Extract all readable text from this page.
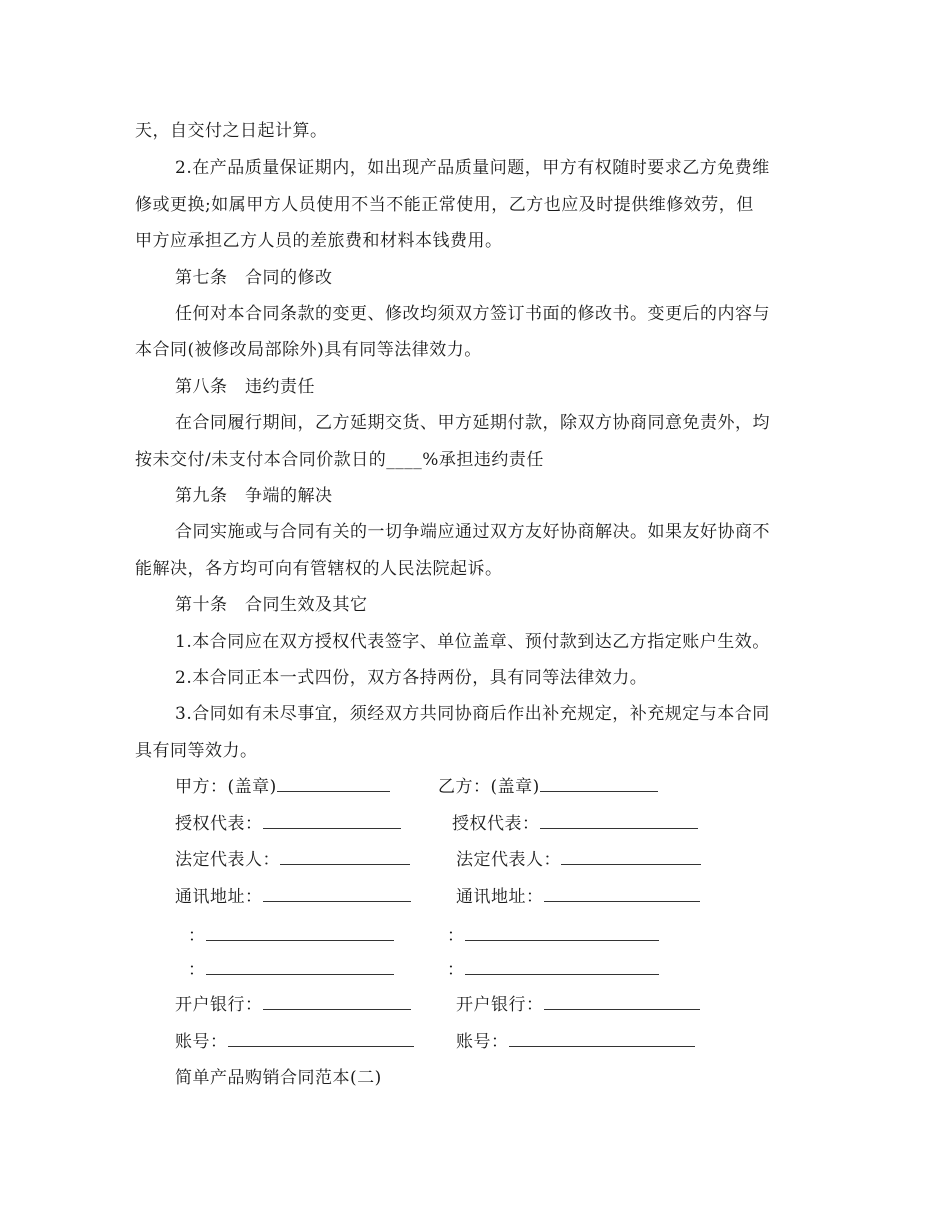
天，自交付之日起计算。
2.在产品质量保证期内，如出现产品质量问题，甲方有权随时要求乙方免费维
修或更换;如属甲方人员使用不当不能正常使用，乙方也应及时提供维修效劳，但
甲方应承担乙方人员的差旅费和材料本钱费用。
第七条　合同的修改
任何对本合同条款的变更、修改均须双方签订书面的修改书。变更后的内容与
本合同(被修改局部除外)具有同等法律效力。
第八条　违约责任
在合同履行期间，乙方延期交货、甲方延期付款，除双方协商同意免责外，均
按未交付/未支付本合同价款日的____%承担违约责任
第九条　争端的解决
合同实施或与合同有关的一切争端应通过双方友好协商解决。如果友好协商不
能解决，各方均可向有管辖权的人民法院起诉。
第十条　合同生效及其它
1.本合同应在双方授权代表签字、单位盖章、预付款到达乙方指定账户生效。
2.本合同正本一式四份，双方各持两份，具有同等法律效力。
3.合同如有未尽事宜，须经双方共同协商后作出补充规定，补充规定与本合同
具有同等效力。
甲方：(盖章)	乙方：(盖章)
授权代表：	授权代表：
法定代表人：	法定代表人：
通讯地址：	通讯地址：
：	：
：	：
开户银行：	开户银行：
账号：	账号：
简单产品购销合同范本(二)
